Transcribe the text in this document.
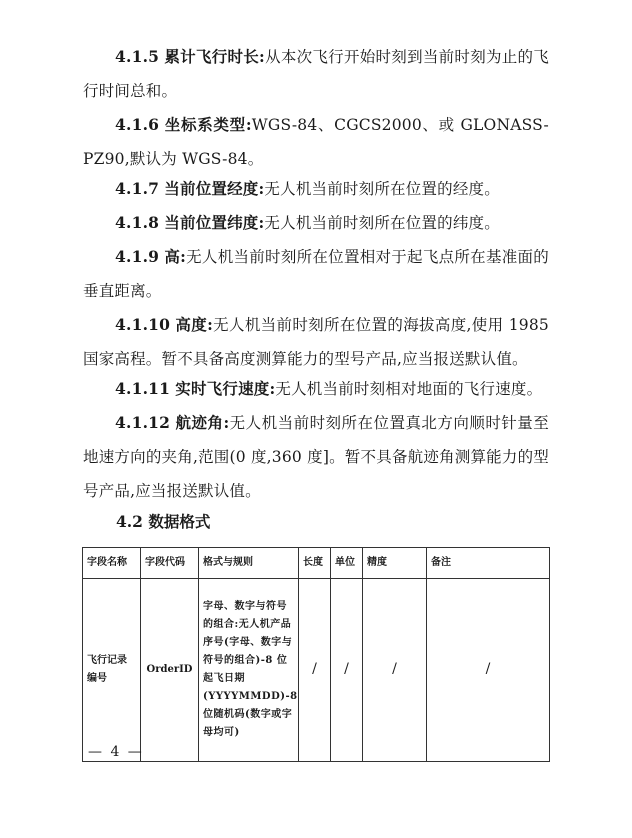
4.1.5 累计飞行时长:从本次飞行开始时刻到当前时刻为止的飞行时间总和。

4.1.6 坐标系类型:WGS-84、CGCS2000、或 GLONASS-PZ90,默认为 WGS-84。

4.1.7 当前位置经度:无人机当前时刻所在位置的经度。

4.1.8 当前位置纬度:无人机当前时刻所在位置的纬度。

4.1.9 高:无人机当前时刻所在位置相对于起飞点所在基准面的垂直距离。

4.1.10 高度:无人机当前时刻所在位置的海拔高度,使用 1985 国家高程。暂不具备高度测算能力的型号产品,应当报送默认值。

4.1.11 实时飞行速度:无人机当前时刻相对地面的飞行速度。

4.1.12 航迹角:无人机当前时刻所在位置真北方向顺时针量至地速方向的夹角,范围(0 度,360 度]。暂不具备航迹角测算能力的型号产品,应当报送默认值。

4.2 数据格式

字段名称	字段代码	格式与规则	长度	单位	精度	备注
飞行记录编号	OrderID	字母、数字与符号的组合:无人机产品序号(字母、数字与符号的组合)-8 位起飞日期(YYYYMMDD)-8 位随机码(数字或字母均可)	/	/	/	/

— 4 —
